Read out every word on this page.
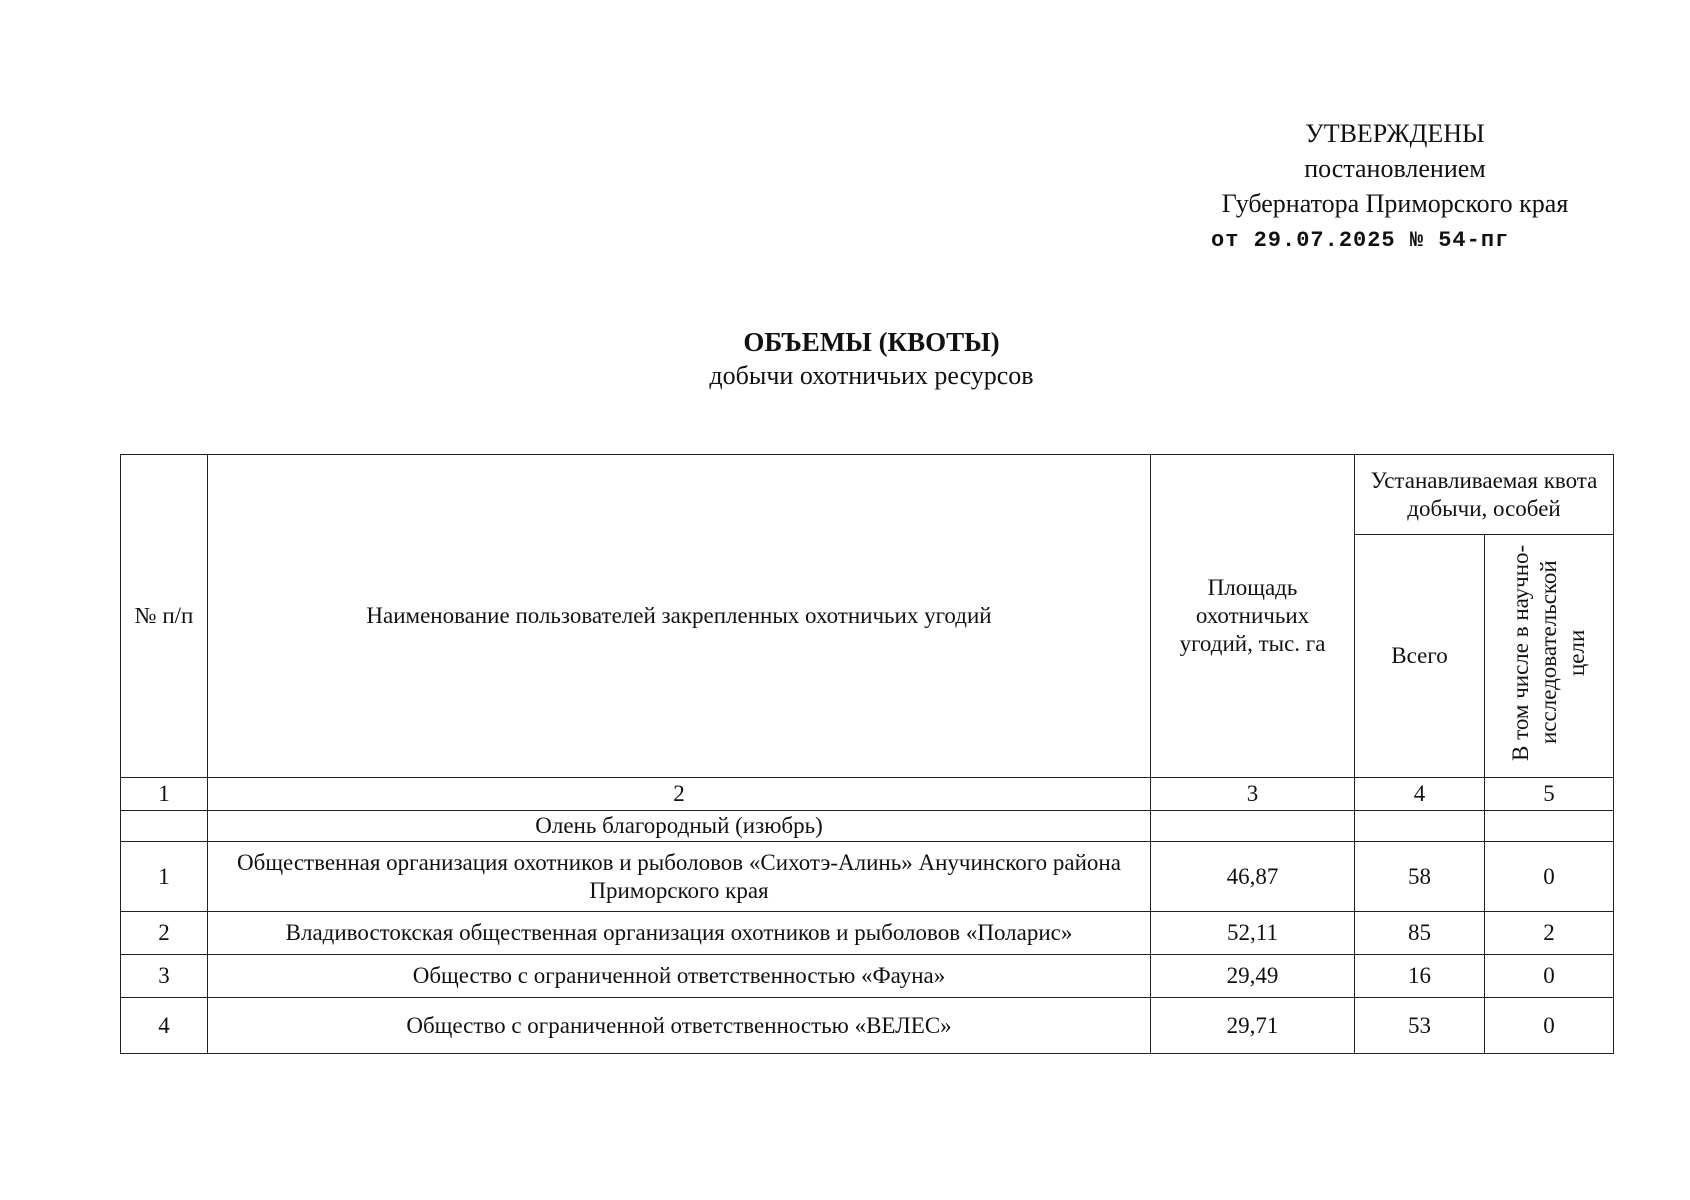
УТВЕРЖДЕНЫ
постановлением
Губернатора Приморского края
от 29.07.2025 № 54-пг
ОБЪЕМЫ (КВОТЫ)
добычи охотничьих ресурсов
№ п/п	Наименование пользователей закрепленных охотничьих угодий	Площадь охотничьих угодий, тыс. га	Устанавливаемая квота добычи, особей	
			Всего	В том числе в научно-исследовательской цели
1	2	3	4	5
	Олень благородный (изюбрь)			
1	Общественная организация охотников и рыболовов «Сихотэ-Алинь» Анучинского района Приморского края	46,87	58	0
2	Владивостокская общественная организация охотников и рыболовов «Поларис»	52,11	85	2
3	Общество с ограниченной ответственностью «Фауна»	29,49	16	0
4	Общество с ограниченной ответственностью «ВЕЛЕС»	29,71	53	0
